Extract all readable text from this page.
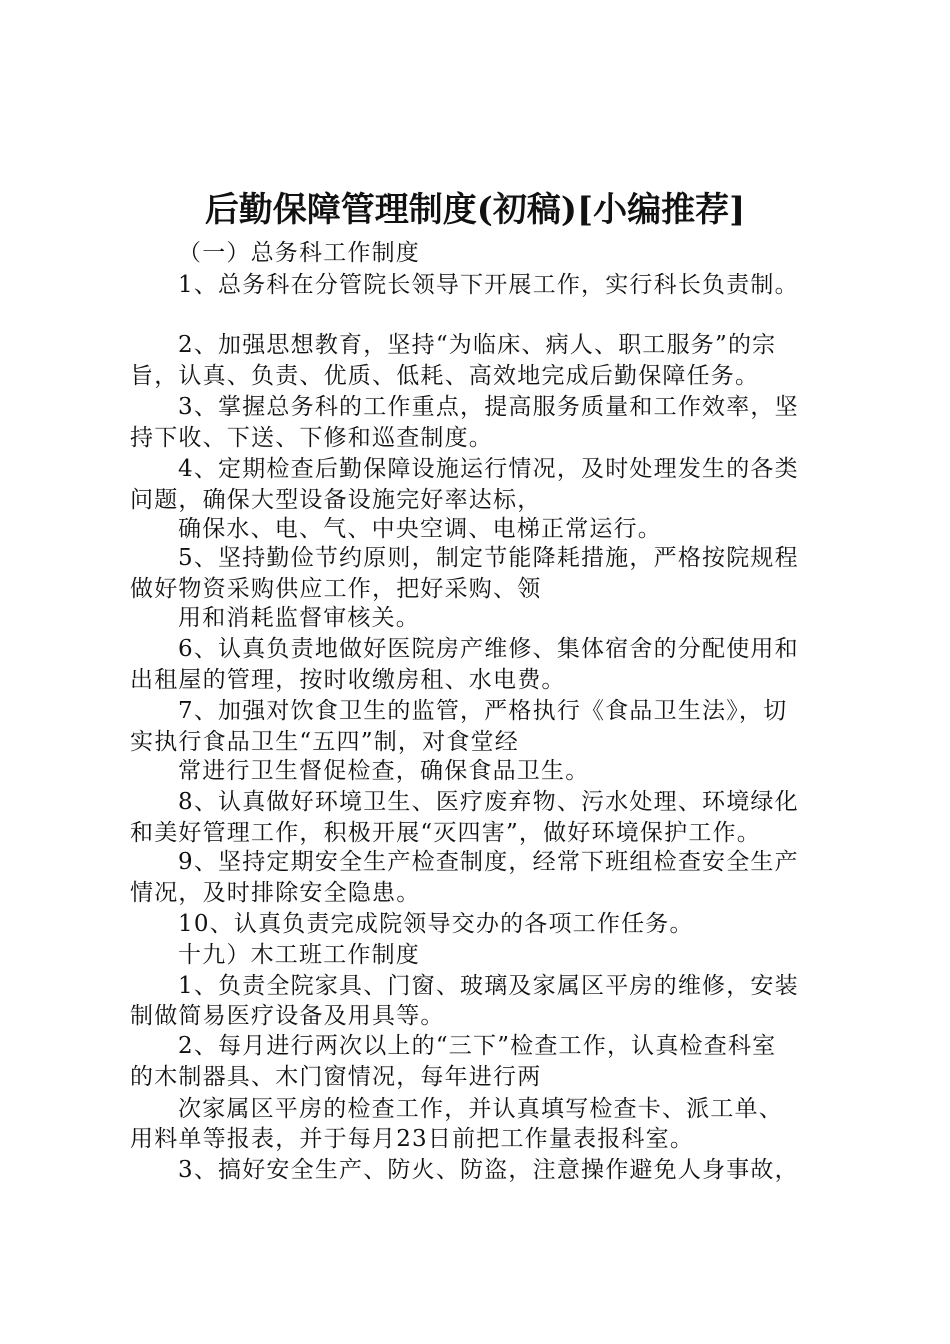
后勤保障管理制度(初稿)[小编推荐]
（一）总务科工作制度
1、总务科在分管院长领导下开展工作，实行科长负责制。
2、加强思想教育，坚持“为临床、病人、职工服务”的宗
旨，认真、负责、优质、低耗、高效地完成后勤保障任务。
3、掌握总务科的工作重点，提高服务质量和工作效率，坚
持下收、下送、下修和巡查制度。
4、定期检查后勤保障设施运行情况，及时处理发生的各类
问题，确保大型设备设施完好率达标，
确保水、电、气、中央空调、电梯正常运行。
5、坚持勤俭节约原则，制定节能降耗措施，严格按院规程
做好物资采购供应工作，把好采购、领
用和消耗监督审核关。
6、认真负责地做好医院房产维修、集体宿舍的分配使用和
出租屋的管理，按时收缴房租、水电费。
7、加强对饮食卫生的监管，严格执行《食品卫生法》，切
实执行食品卫生“五四”制，对食堂经
常进行卫生督促检查，确保食品卫生。
8、认真做好环境卫生、医疗废弃物、污水处理、环境绿化
和美好管理工作，积极开展“灭四害”，做好环境保护工作。
9、坚持定期安全生产检查制度，经常下班组检查安全生产
情况，及时排除安全隐患。
10、认真负责完成院领导交办的各项工作任务。
十九）木工班工作制度
1、负责全院家具、门窗、玻璃及家属区平房的维修，安装
制做简易医疗设备及用具等。
2、每月进行两次以上的“三下”检查工作，认真检查科室
的木制器具、木门窗情况，每年进行两
次家属区平房的检查工作，并认真填写检查卡、派工单、
用料单等报表，并于每月23日前把工作量表报科室。
3、搞好安全生产、防火、防盗，注意操作避免人身事故，
